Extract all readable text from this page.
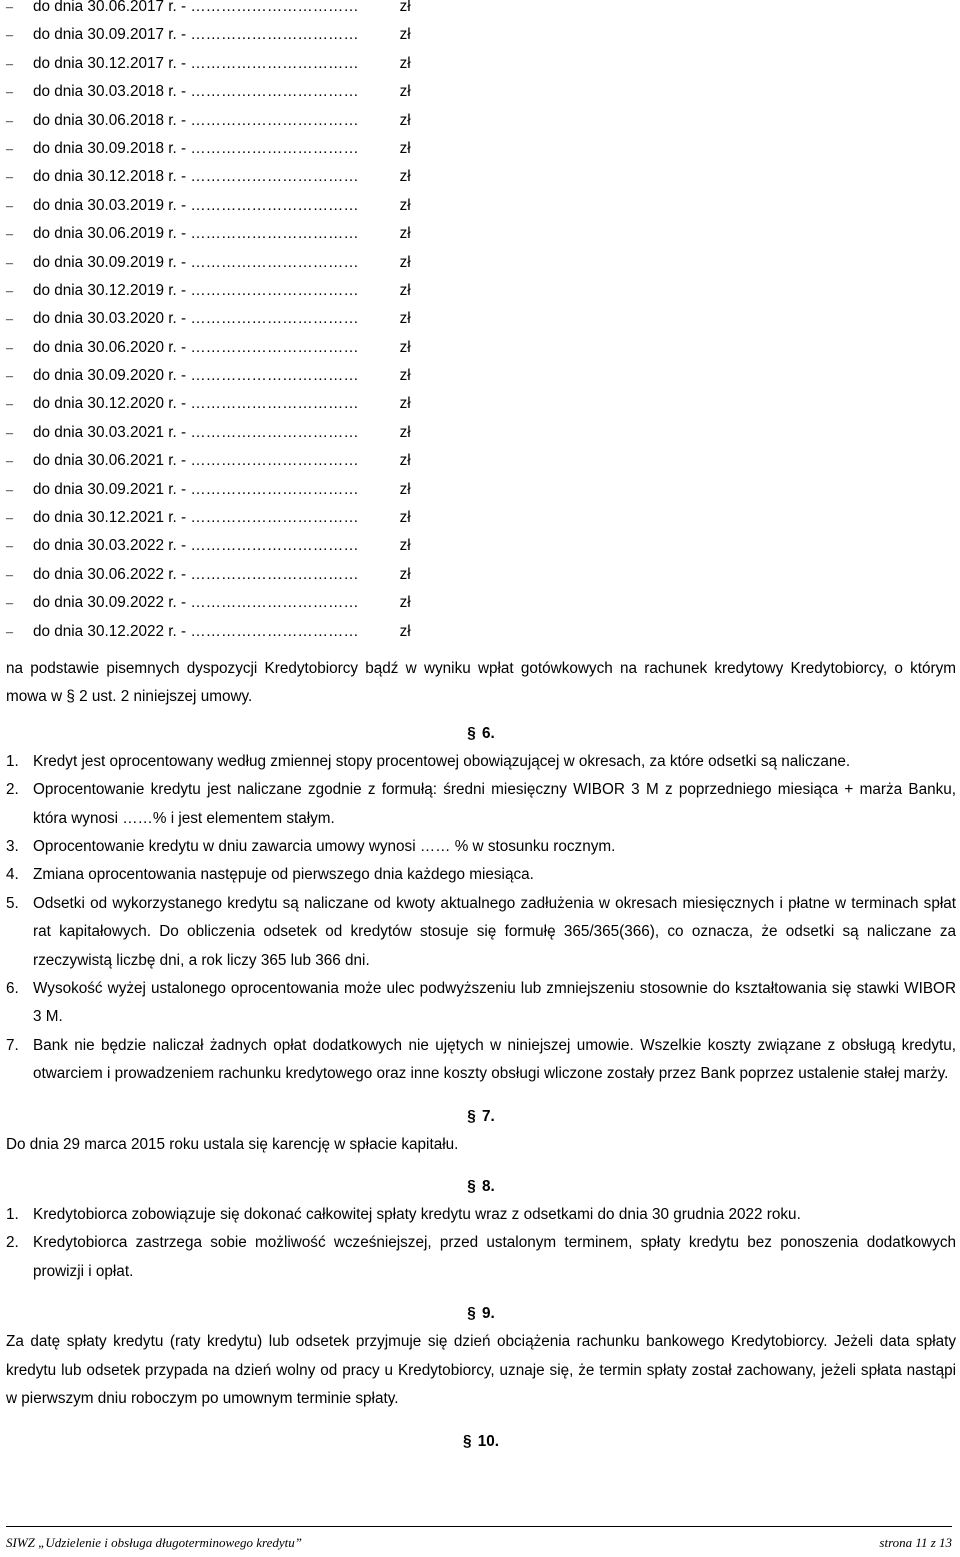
–	do dnia 30.06.2017 r. - ……………………………	zł
–	do dnia 30.09.2017 r. - ……………………………	zł
–	do dnia 30.12.2017 r. - ……………………………	zł
–	do dnia 30.03.2018 r. - ……………………………	zł
–	do dnia 30.06.2018 r. - ……………………………	zł
–	do dnia 30.09.2018 r. - ……………………………	zł
–	do dnia 30.12.2018 r. - ……………………………	zł
–	do dnia 30.03.2019 r. - ……………………………	zł
–	do dnia 30.06.2019 r. - ……………………………	zł
–	do dnia 30.09.2019 r. - ……………………………	zł
–	do dnia 30.12.2019 r. - ……………………………	zł
–	do dnia 30.03.2020 r. - ……………………………	zł
–	do dnia 30.06.2020 r. - ……………………………	zł
–	do dnia 30.09.2020 r. - ……………………………	zł
–	do dnia 30.12.2020 r. - ……………………………	zł
–	do dnia 30.03.2021 r. - ……………………………	zł
–	do dnia 30.06.2021 r. - ……………………………	zł
–	do dnia 30.09.2021 r. - ……………………………	zł
–	do dnia 30.12.2021 r. - ……………………………	zł
–	do dnia 30.03.2022 r. - ……………………………	zł
–	do dnia 30.06.2022 r. - ……………………………	zł
–	do dnia 30.09.2022 r. - ……………………………	zł
–	do dnia 30.12.2022 r. - ……………………………	zł

na podstawie pisemnych dyspozycji Kredytobiorcy bądź w wyniku wpłat gotówkowych na rachunek kredytowy Kredytobiorcy, o którym mowa w § 2 ust. 2 niniejszej umowy.

§ 6.
1. Kredyt jest oprocentowany według zmiennej stopy procentowej obowiązującej w okresach, za które odsetki są naliczane.
2. Oprocentowanie kredytu jest naliczane zgodnie z formułą: średni miesięczny WIBOR 3 M z poprzedniego miesiąca + marża Banku, która wynosi ……% i jest elementem stałym.
3. Oprocentowanie kredytu w dniu zawarcia umowy wynosi …… % w stosunku rocznym.
4. Zmiana oprocentowania następuje od pierwszego dnia każdego miesiąca.
5. Odsetki od wykorzystanego kredytu są naliczane od kwoty aktualnego zadłużenia w okresach miesięcznych i płatne w terminach spłat rat kapitałowych. Do obliczenia odsetek od kredytów stosuje się formułę 365/365(366), co oznacza, że odsetki są naliczane za rzeczywistą liczbę dni, a rok liczy 365 lub 366 dni.
6. Wysokość wyżej ustalonego oprocentowania może ulec podwyższeniu lub zmniejszeniu stosownie do kształtowania się stawki WIBOR 3 M.
7. Bank nie będzie naliczał żadnych opłat dodatkowych nie ujętych w niniejszej umowie. Wszelkie koszty związane z obsługą kredytu, otwarciem i prowadzeniem rachunku kredytowego oraz inne koszty obsługi wliczone zostały przez Bank poprzez ustalenie stałej marży.
§ 7.

Do dnia 29 marca 2015 roku ustala się karencję w spłacie kapitału.

§ 8.
1. Kredytobiorca zobowiązuje się dokonać całkowitej spłaty kredytu wraz z odsetkami do dnia 30 grudnia 2022 roku.
2. Kredytobiorca zastrzega sobie możliwość wcześniejszej, przed ustalonym terminem, spłaty kredytu bez ponoszenia dodatkowych prowizji i opłat.
§ 9.

Za datę spłaty kredytu (raty kredytu) lub odsetek przyjmuje się dzień obciążenia rachunku bankowego Kredytobiorcy. Jeżeli data spłaty kredytu lub odsetek przypada na dzień wolny od pracy u Kredytobiorcy, uznaje się, że termin spłaty został zachowany, jeżeli spłata nastąpi w pierwszym dniu roboczym po umownym terminie spłaty.

§ 10.
SIWZ „Udzielenie i obsługa długoterminowego kredytu”	strona 11 z 13
